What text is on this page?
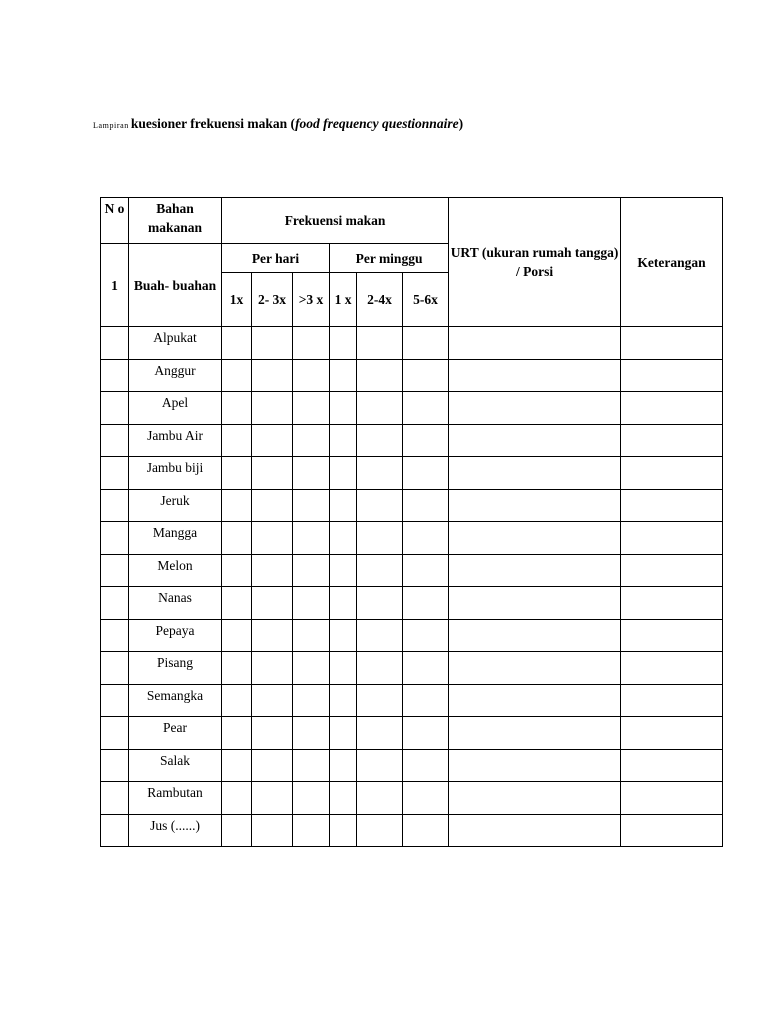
Lampiran kuesioner frekuensi makan (food frequency questionnaire)
N o	Bahan makanan	Frekuensi makan						URT (ukuran rumah tangga) / Porsi	Keterangan
1	Buah- buahan	Per hari			Per minggu				
		1x	2- 3x	>3 x	1 x	2-4x	5-6x		
	Alpukat								
	Anggur								
	Apel								
	Jambu Air								
	Jambu biji								
	Jeruk								
	Mangga								
	Melon								
	Nanas								
	Pepaya								
	Pisang								
	Semangka								
	Pear								
	Salak								
	Rambutan								
	Jus (......)								
